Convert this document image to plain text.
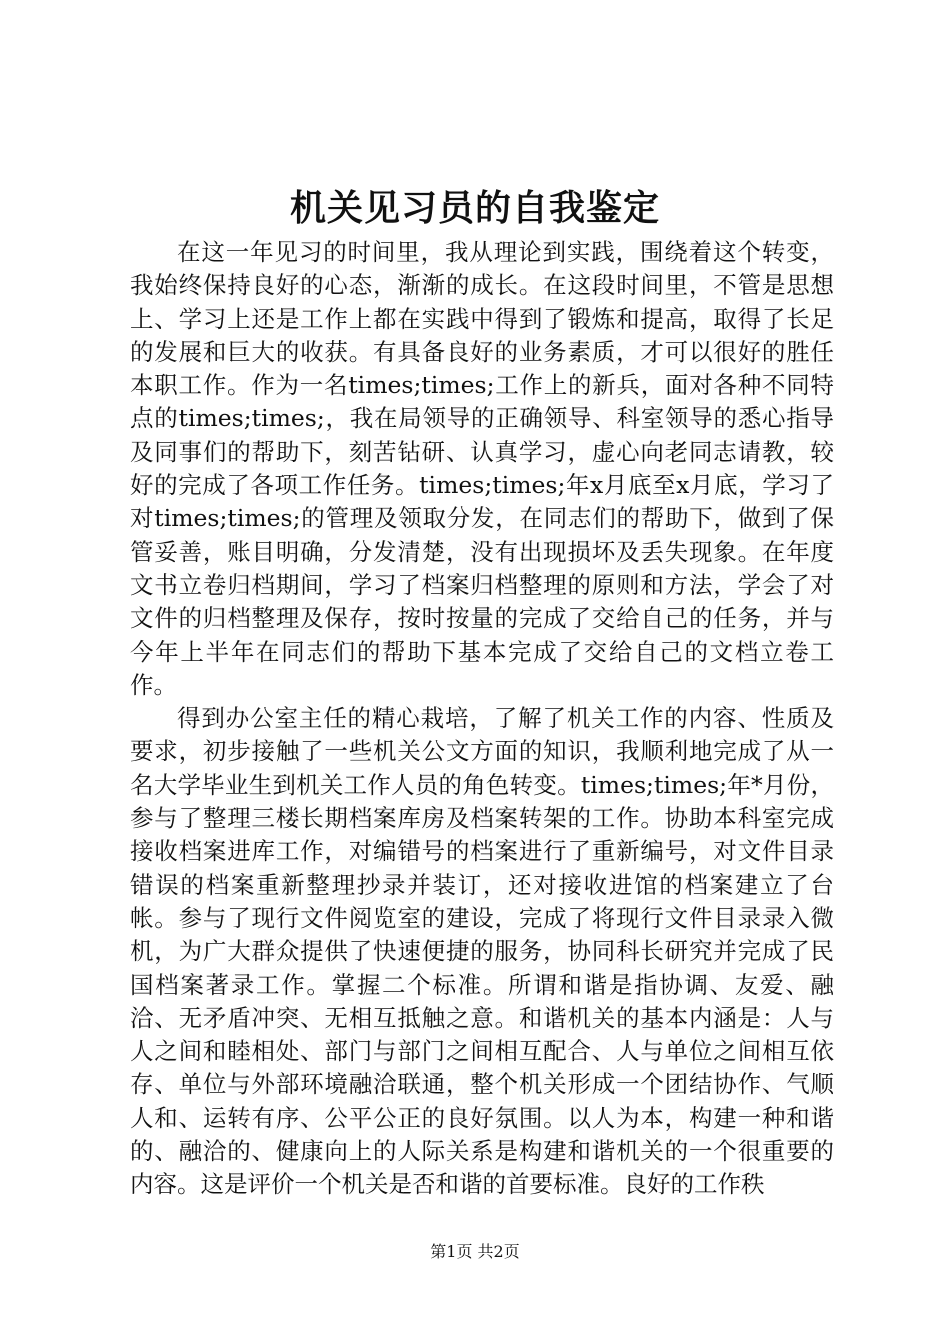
机关见习员的自我鉴定

在这一年见习的时间里，我从理论到实践，围绕着这个转变，我始终保持良好的心态，渐渐的成长。在这段时间里，不管是思想上、学习上还是工作上都在实践中得到了锻炼和提高，取得了长足的发展和巨大的收获。有具备良好的业务素质，才可以很好的胜任本职工作。作为一名times;times;工作上的新兵，面对各种不同特点的times;times;，我在局领导的正确领导、科室领导的悉心指导及同事们的帮助下，刻苦钻研、认真学习，虚心向老同志请教，较好的完成了各项工作任务。times;times;年x月底至x月底，学习了对times;times;的管理及领取分发，在同志们的帮助下，做到了保管妥善，账目明确，分发清楚，没有出现损坏及丢失现象。在年度文书立卷归档期间，学习了档案归档整理的原则和方法，学会了对文件的归档整理及保存，按时按量的完成了交给自己的任务，并与今年上半年在同志们的帮助下基本完成了交给自己的文档立卷工作。

得到办公室主任的精心栽培，了解了机关工作的内容、性质及要求，初步接触了一些机关公文方面的知识，我顺利地完成了从一名大学毕业生到机关工作人员的角色转变。times;times;年*月份，参与了整理三楼长期档案库房及档案转架的工作。协助本科室完成接收档案进库工作，对编错号的档案进行了重新编号，对文件目录错误的档案重新整理抄录并装订，还对接收进馆的档案建立了台帐。参与了现行文件阅览室的建设，完成了将现行文件目录录入微机，为广大群众提供了快速便捷的服务，协同科长研究并完成了民国档案著录工作。掌握二个标准。所谓和谐是指协调、友爱、融洽、无矛盾冲突、无相互抵触之意。和谐机关的基本内涵是：人与人之间和睦相处、部门与部门之间相互配合、人与单位之间相互依存、单位与外部环境融洽联通，整个机关形成一个团结协作、气顺人和、运转有序、公平公正的良好氛围。以人为本，构建一种和谐的、融洽的、健康向上的人际关系是构建和谐机关的一个很重要的内容。这是评价一个机关是否和谐的首要标准。良好的工作秩

第1页 共2页
